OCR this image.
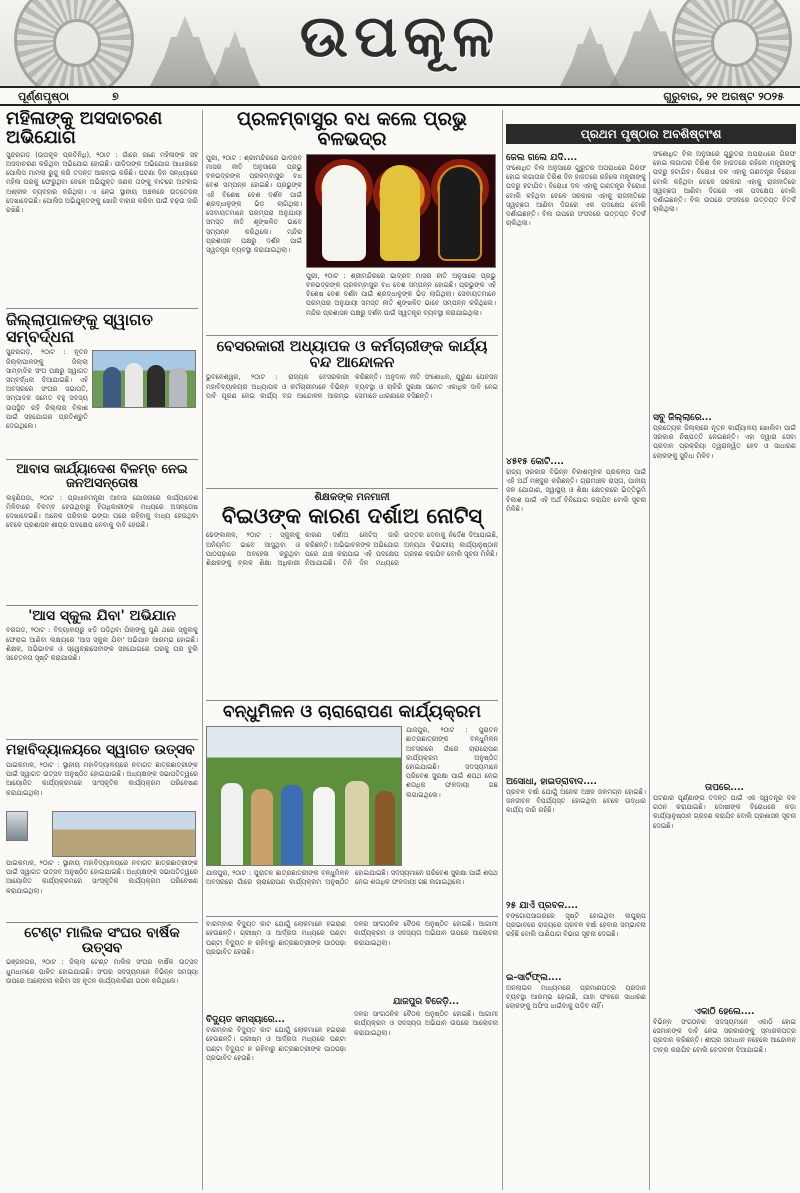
ଉପକୂଳ
ପୂର୍ଣ୍ଣପୃଷ୍ଠା	୭	ଗୁରୁବାର, ୨୧ ଅଗଷ୍ଟ ୨୦୨୫
ମହିଳାଙ୍କୁ ଅସଦାଚରଣ ଅଭିଯୋଗ
ସୁନ୍ଦରଗଡ଼ (ଉପକୂଳ ପ୍ରତିନିଧି), ୨୦ାଟ : ଗାଁରେ ଜଣେ ମହିଳାଙ୍କ ସହ ଅସଦାଚରଣ କରିଥିବା ଅଭିଯୋଗ ହୋଇଛି। ପୀଡ଼ିତାଙ୍କ ଅଭିଯୋଗ ଆଧାରରେ ପୋଲିସ ମାମଲା ରୁଜୁ କରି ତଦନ୍ତ ଆରମ୍ଭ କରିଛି। ଘଟଣା ଦିନ ସନ୍ଧ୍ୟାରେ ମହିଳା ଘରକୁ ଫେରୁଥିବା ବେଳେ ଅଭିଯୁକ୍ତ ଜଣକ ତାଙ୍କୁ ବାଟରେ ଅଟକାଇ ଅଶ୍ଳୀଳ ବ୍ୟବହାର କରିଥିଲା। ଏ ନେଇ ସ୍ଥାନୀୟ ଅଞ୍ଚଳରେ ଉତ୍ତେଜନା ଦେଖାଦେଇଛି। ପୋଲିସ ଅଭିଯୁକ୍ତଙ୍କୁ ଖୋଜି ବାହାର କରିବା ପାଇଁ ଚଢ଼ଉ ଜାରି ରଖିଛି।
ଜିଲ୍ଲାପାଳଙ୍କୁ ସ୍ୱାଗତ ସମ୍ବର୍ଦ୍ଧନା
ସୁନ୍ଦରଗଡ଼, ୨୦ାଟ : ନୂତନ ଜିଲ୍ଲାପାଳଙ୍କୁ ଜିଲ୍ଲା ସାମ୍ବାଦିକ ସଂଘ ପକ୍ଷରୁ ସ୍ୱାଗତ ସମ୍ବର୍ଦ୍ଧନା ଦିଆଯାଇଛି। ଏହି ଅବସରରେ ସଂଘର ସଭାପତି, ସମ୍ପାଦକ ସମେତ ବହୁ ସଦସ୍ୟ ଉପସ୍ଥିତ ରହି ଜିଲ୍ଲାର ବିକାଶ ପାଇଁ ସହଯୋଗର ପ୍ରତିଶ୍ରୁତି ଦେଇଥିଲେ।
ଆବାସ କାର୍ଯ୍ୟାଦେଶ ବିଳମ୍ବ ନେଇ ଜନଅସନ୍ତୋଷ
ଲହୁଣିପଡ଼ା, ୨୦ାଟ : ପ୍ରଧାନମନ୍ତ୍ରୀ ଆବାସ ଯୋଜନାରେ କାର୍ଯ୍ୟାଦେଶ ମିଳିବାରେ ବିଳମ୍ବ ହେଉଥିବାରୁ ହିତାଧିକାରୀଙ୍କ ମଧ୍ୟରେ ଅସନ୍ତୋଷ ଦେଖାଦେଇଛି। ଅନେକ ପରିବାର ଭଙ୍ଗା ଘରେ ରହିବାକୁ ବାଧ୍ୟ ହେଉଥିବା ବେଳେ ପ୍ରଶାସନ ଶୀଘ୍ର ପଦକ୍ଷେପ ନେବାକୁ ଦାବି ହେଉଛି।
'ଆସ ସ୍କୁଲ ଯିବା' ଅଭିଯାନ
ବରଗଡ଼, ୨୦ାଟ : ବିଦ୍ୟାଳୟରୁ ଝଡ଼ି ପଡ଼ିଥିବା ପିଲାଙ୍କୁ ପୁଣି ଥରେ ସ୍କୁଲକୁ ଫେରାଇ ଆଣିବା ଲକ୍ଷ୍ୟରେ 'ଆସ ସ୍କୁଲ ଯିବା' ଅଭିଯାନ ଆରମ୍ଭ ହୋଇଛି। ଶିକ୍ଷକ, ଅଭିଭାବକ ଓ ସ୍ୱେଚ୍ଛାସେବୀଙ୍କ ସହଯୋଗରେ ଘରକୁ ଘର ବୁଲି ସଚେତନତା ସୃଷ୍ଟି କରାଯାଉଛି।
ମହାବିଦ୍ୟାଳୟରେ ସ୍ୱାଗତ ଉତ୍ସବ
ପାଇକମାଳ, ୨୦ାଟ : ସ୍ଥାନୀୟ ମହାବିଦ୍ୟାଳୟରେ ନବାଗତ ଛାତ୍ରଛାତ୍ରୀଙ୍କ ପାଇଁ ସ୍ୱାଗତ ଉତ୍ସବ ଅନୁଷ୍ଠିତ ହୋଇଯାଇଛି। ଅଧ୍ୟକ୍ଷଙ୍କ ସଭାପତିତ୍ୱରେ ଆୟୋଜିତ କାର୍ଯ୍ୟକ୍ରମରେ ସାଂସ୍କୃତିକ କାର୍ଯ୍ୟକ୍ରମ ପରିବେଷଣ କରାଯାଇଥିଲା।
ପାଇକମାଳ, ୨୦ାଟ : ସ୍ଥାନୀୟ ମହାବିଦ୍ୟାଳୟରେ ନବାଗତ ଛାତ୍ରଛାତ୍ରୀଙ୍କ ପାଇଁ ସ୍ୱାଗତ ଉତ୍ସବ ଅନୁଷ୍ଠିତ ହୋଇଯାଇଛି। ଅଧ୍ୟକ୍ଷଙ୍କ ସଭାପତିତ୍ୱରେ ଆୟୋଜିତ କାର୍ଯ୍ୟକ୍ରମରେ ସାଂସ୍କୃତିକ କାର୍ଯ୍ୟକ୍ରମ ପରିବେଷଣ କରାଯାଇଥିଲା।
ଟେଣ୍ଟ ମାଲିକ ସଂଘର ବାର୍ଷିକ ଉତ୍ସବ
ଭଞ୍ଜନଗର, ୨୦ାଟ : ଜିଲ୍ଲା ଟେଣ୍ଟ ମାଲିକ ସଂଘର ବାର୍ଷିକ ଉତ୍ସବ ଧୁମଧାମରେ ପାଳିତ ହୋଇଯାଇଛି। ସଂଘର ସଦସ୍ୟମାନେ ବିଭିନ୍ନ ସମସ୍ୟା ଉପରେ ଆଲୋଚନା କରିବା ସହ ନୂତନ କାର୍ଯ୍ୟକାରିଣୀ ଗଠନ କରିଥିଲେ।
ପ୍ରଳମ୍ବାସୁର ବଧ କଲେ ପ୍ରଭୁ ବଳଭଦ୍ର
ପୁରୀ, ୨୦ାଟ : ଶ୍ରୀମନ୍ଦିରରେ ଭାଦ୍ରବ ମାସର ନୀତି ଅନୁସାରେ ପ୍ରଭୁ ବଳଭଦ୍ରଙ୍କ ପ୍ରଳମ୍ବାସୁର ବଧ ବେଶ ସମ୍ପନ୍ନ ହୋଇଛି। ପ୍ରଭୁଙ୍କ ଏହି ବିଶେଷ ବେଶ ଦର୍ଶନ ପାଇଁ ଶ୍ରଦ୍ଧାଳୁଙ୍କ ଭିଡ଼ ଲାଗିଥିଲା। ସେବାୟତମାନେ ପରମ୍ପରା ଅନୁଯାୟୀ ସମସ୍ତ ନୀତି ଶୃଙ୍ଖଳିତ ଭାବେ ସମ୍ପନ୍ନ କରିଥିଲେ। ମନ୍ଦିର ପ୍ରଶାସନ ପକ୍ଷରୁ ଦର୍ଶନ ପାଇଁ ସ୍ୱତନ୍ତ୍ର ବ୍ୟବସ୍ଥା କରାଯାଇଥିଲା।
ପୁରୀ, ୨୦ାଟ : ଶ୍ରୀମନ୍ଦିରରେ ଭାଦ୍ରବ ମାସର ନୀତି ଅନୁସାରେ ପ୍ରଭୁ ବଳଭଦ୍ରଙ୍କ ପ୍ରଳମ୍ବାସୁର ବଧ ବେଶ ସମ୍ପନ୍ନ ହୋଇଛି। ପ୍ରଭୁଙ୍କ ଏହି ବିଶେଷ ବେଶ ଦର୍ଶନ ପାଇଁ ଶ୍ରଦ୍ଧାଳୁଙ୍କ ଭିଡ଼ ଲାଗିଥିଲା। ସେବାୟତମାନେ ପରମ୍ପରା ଅନୁଯାୟୀ ସମସ୍ତ ନୀତି ଶୃଙ୍ଖଳିତ ଭାବେ ସମ୍ପନ୍ନ କରିଥିଲେ। ମନ୍ଦିର ପ୍ରଶାସନ ପକ୍ଷରୁ ଦର୍ଶନ ପାଇଁ ସ୍ୱତନ୍ତ୍ର ବ୍ୟବସ୍ଥା କରାଯାଇଥିଲା।
ବେସରକାରୀ ଅଧ୍ୟାପକ ଓ କର୍ମଚାରୀଙ୍କ କାର୍ଯ୍ୟ ବନ୍ଦ ଆନ୍ଦୋଳନ
ଭୁବନେଶ୍ୱର, ୨୦ାଟ : ରାଜ୍ୟର ବେସରକାରୀ ମହାବିଦ୍ୟାଳୟର ଅଧ୍ୟାପକ ଓ କର୍ମଚାରୀମାନେ ବିଭିନ୍ନ ଦାବି ପୂରଣ ନେଇ କାର୍ଯ୍ୟ ବନ୍ଦ ଆନ୍ଦୋଳନ ଆରମ୍ଭ କରିଛନ୍ତି। ଅନୁଦାନ ନୀତି ସଂଶୋଧନ, ପୁରୁଣା ପେନସନ ବ୍ୟବସ୍ଥା ଓ ଚାକିରି ସୁରକ୍ଷା ସମେତ ଏକାଧିକ ଦାବି ନେଇ ସେମାନେ ଧାରଣାରେ ବସିଛନ୍ତି।
ଶିକ୍ଷକଙ୍କ ମନମାନୀ
ବିଇଓଙ୍କ କାରଣ ଦର୍ଶାଅ ନୋଟିସ୍
ଢେଙ୍କାନାଳ, ୨୦ାଟ : ସ୍କୁଲକୁ ଅନିୟମିତ ଭାବେ ଆସୁଥିବା ଓ ପାଠପଢ଼ାରେ ଅବହେଳା କରୁଥିବା ଶିକ୍ଷକଙ୍କୁ ବ୍ଲକ ଶିକ୍ଷା ଅଧିକାରୀ କାରଣ ଦର୍ଶାଅ ନୋଟିସ୍ ଜାରି କରିଛନ୍ତି। ଅଭିଭାବକଙ୍କ ଅଭିଯୋଗ ପରେ ଯାଞ୍ଚ କରାଯାଇ ଏହି ପଦକ୍ଷେପ ନିଆଯାଇଛି। ତିନି ଦିନ ମଧ୍ୟରେ ଉତ୍ତର ଦେବାକୁ ନିର୍ଦ୍ଦେଶ ଦିଆଯାଇଛି, ଅନ୍ୟଥା ବିଭାଗୀୟ କାର୍ଯ୍ୟାନୁଷ୍ଠାନ ଗ୍ରହଣ କରାଯିବ ବୋଲି ସୂଚନା ମିଳିଛି।
ବନ୍ଧୁମିଳନ ଓ ଚାରାରୋପଣ କାର୍ଯ୍ୟକ୍ରମ
ଯାଜପୁର, ୨୦ାଟ : ପୁରାତନ ଛାତ୍ରଛାତ୍ରୀଙ୍କ ବନ୍ଧୁମିଳନ ଅବସରରେ ଗାଁରେ ଚାରାରୋପଣ କାର୍ଯ୍ୟକ୍ରମ ଅନୁଷ୍ଠିତ ହୋଇଯାଇଛି। ସଦସ୍ୟମାନେ ପରିବେଶ ସୁରକ୍ଷା ପାଇଁ ଶପଥ ନେଇ ଶତାଧିକ ଫଳଦାୟୀ ଗଛ ଲଗାଇଥିଲେ।
ଯାଜପୁର, ୨୦ାଟ : ପୁରାତନ ଛାତ୍ରଛାତ୍ରୀଙ୍କ ବନ୍ଧୁମିଳନ ଅବସରରେ ଗାଁରେ ଚାରାରୋପଣ କାର୍ଯ୍ୟକ୍ରମ ଅନୁଷ୍ଠିତ ହୋଇଯାଇଛି। ସଦସ୍ୟମାନେ ପରିବେଶ ସୁରକ୍ଷା ପାଇଁ ଶପଥ ନେଇ ଶତାଧିକ ଫଳଦାୟୀ ଗଛ ଲଗାଇଥିଲେ।
ବାରମ୍ବାର ବିଦ୍ୟୁତ କାଟ ଯୋଗୁଁ ଲୋକମାନେ ହଇରାଣ ହେଉଛନ୍ତି। ଗ୍ରୀଷ୍ମ ଓ ଆର୍ଦ୍ରତା ମଧ୍ୟରେ ଘଣ୍ଟା ଘଣ୍ଟା ବିଦ୍ୟୁତ ନ ରହିବାରୁ ଛାତ୍ରଛାତ୍ରୀଙ୍କ ପାଠପଢ଼ା ପ୍ରଭାବିତ ହେଉଛି।
ବିଦ୍ୟୁତ ସମସ୍ୟାରେ...
ବାରମ୍ବାର ବିଦ୍ୟୁତ କାଟ ଯୋଗୁଁ ଲୋକମାନେ ହଇରାଣ ହେଉଛନ୍ତି। ଗ୍ରୀଷ୍ମ ଓ ଆର୍ଦ୍ରତା ମଧ୍ୟରେ ଘଣ୍ଟା ଘଣ୍ଟା ବିଦ୍ୟୁତ ନ ରହିବାରୁ ଛାତ୍ରଛାତ୍ରୀଙ୍କ ପାଠପଢ଼ା ପ୍ରଭାବିତ ହେଉଛି।
ଦଳର ସାଂଗଠନିକ ବୈଠକ ଅନୁଷ୍ଠିତ ହୋଇଛି। ଆଗାମୀ କାର୍ଯ୍ୟକ୍ରମ ଓ ସଦସ୍ୟତା ଅଭିଯାନ ଉପରେ ଆଲୋଚନା କରାଯାଇଥିଲା।
ଯାଜପୁର ବିଜେଡ଼ି...
ଦଳର ସାଂଗଠନିକ ବୈଠକ ଅନୁଷ୍ଠିତ ହୋଇଛି। ଆଗାମୀ କାର୍ଯ୍ୟକ୍ରମ ଓ ସଦସ୍ୟତା ଅଭିଯାନ ଉପରେ ଆଲୋଚନା କରାଯାଇଥିଲା।
ପ୍ରଥମ ପୃଷ୍ଠାର ଅବଶିଷ୍ଟାଂଶ
ଜେଲ ଗଲେ ଯଦି....
ସଂଶୋଧିତ ବିଲ ଅନୁସାରେ ଗୁରୁତର ଅପରାଧରେ ଗିରଫ ହୋଇ ଲଗାତାର ତିରିଶ ଦିନ ହାଜତରେ ରହିଲେ ମନ୍ତ୍ରୀଙ୍କୁ ପଦରୁ ହଟାଯିବ। ବିରୋଧୀ ଦଳ ଏହାକୁ ଗଣତନ୍ତ୍ର ବିରୋଧୀ ବୋଲି କହିଥିବା ବେଳେ ସରକାର ଏହାକୁ ରାଜନୀତିରେ ସ୍ୱଚ୍ଛତା ଆଣିବା ଦିଗରେ ଏକ ପଦକ୍ଷେପ ବୋଲି ଦର୍ଶାଇଛନ୍ତି। ବିଲ ଉପରେ ସଂସଦରେ ଉତ୍ତପ୍ତ ବିତର୍କ ଚାଲିଥିଲା।
୪୫୧୫ କୋଟି....
ରାଜ୍ୟ ସରକାର ବିଭିନ୍ନ ବିକାଶମୂଳକ ପ୍ରକଳ୍ପ ପାଇଁ ଏହି ଅର୍ଥ ମଞ୍ଜୁର କରିଛନ୍ତି। ଗ୍ରାମାଞ୍ଚଳ ରାସ୍ତା, ପାନୀୟ ଜଳ ଯୋଗାଣ, ସ୍ୱାସ୍ଥ୍ୟ ଓ ଶିକ୍ଷା କ୍ଷେତ୍ରରେ ଭିତ୍ତିଭୂମି ବିକାଶ ପାଇଁ ଏହି ଅର୍ଥ ବିନିଯୋଗ କରାଯିବ ବୋଲି ସୂଚନା ମିଳିଛି।
ଅସୋଧା, ହାଇଡ୍ରାବାଦ....
ପ୍ରବଳ ବର୍ଷା ଯୋଗୁଁ ଅନେକ ଅଞ୍ଚଳ ଜଳମଗ୍ନ ହୋଇଛି। ଜନଜୀବନ ବିପର୍ଯ୍ୟସ୍ତ ହୋଇଥିବା ବେଳେ ଉଦ୍ଧାର କାର୍ଯ୍ୟ ଜାରି ରହିଛି।
୨୫ ଯାଏଁ ପ୍ରବଳ....
ବଙ୍ଗୋପସାଗରରେ ସୃଷ୍ଟି ହୋଇଥିବା ଲଘୁଚାପ ପ୍ରଭାବରେ ରାଜ୍ୟରେ ପ୍ରବଳ ବର୍ଷା ହେବାର ସମ୍ଭାବନା ରହିଛି ବୋଲି ପାଣିପାଗ ବିଭାଗ ସୂଚନା ଦେଇଛି।
ଇ-ସାର୍ଟିଫ୍ଲ....
ଅନଲାଇନ ମାଧ୍ୟମରେ ପ୍ରମାଣପତ୍ର ପ୍ରଦାନ ବ୍ୟବସ୍ଥା ଆରମ୍ଭ ହୋଇଛି, ଯାହା ଫଳରେ ସାଧାରଣ ଲୋକଙ୍କୁ ଅଫିସ ଧାଇଁବାକୁ ପଡ଼ିବ ନାହିଁ।
ସଂଶୋଧିତ ବିଲ ଅନୁସାରେ ଗୁରୁତର ଅପରାଧରେ ଗିରଫ ହୋଇ ଲଗାତାର ତିରିଶ ଦିନ ହାଜତରେ ରହିଲେ ମନ୍ତ୍ରୀଙ୍କୁ ପଦରୁ ହଟାଯିବ। ବିରୋଧୀ ଦଳ ଏହାକୁ ଗଣତନ୍ତ୍ର ବିରୋଧୀ ବୋଲି କହିଥିବା ବେଳେ ସରକାର ଏହାକୁ ରାଜନୀତିରେ ସ୍ୱଚ୍ଛତା ଆଣିବା ଦିଗରେ ଏକ ପଦକ୍ଷେପ ବୋଲି ଦର୍ଶାଇଛନ୍ତି। ବିଲ ଉପରେ ସଂସଦରେ ଉତ୍ତପ୍ତ ବିତର୍କ ଚାଲିଥିଲା।
ସବୁ ଜିଲ୍ଲାରେ...
ପ୍ରତ୍ୟେକ ଜିଲ୍ଲାରେ ନୂତନ କାର୍ଯ୍ୟାଳୟ ଖୋଲିବା ପାଇଁ ସରକାର ନିଷ୍ପତ୍ତି ନେଇଛନ୍ତି। ଏହା ଦ୍ୱାରା ସେବା ପ୍ରଦାନ ପ୍ରକ୍ରିୟା ତ୍ୱରାନ୍ୱିତ ହେବ ଓ ସାଧାରଣ ଲୋକଙ୍କୁ ସୁବିଧା ମିଳିବ।
ତାପରେ....
ଘଟଣାର ପୂର୍ଣ୍ଣାଙ୍ଗ ତଦନ୍ତ ପାଇଁ ଏକ ସ୍ୱତନ୍ତ୍ର ଦଳ ଗଠନ କରାଯାଇଛି। ଦୋଷୀଙ୍କ ବିରୋଧରେ କଡ଼ା କାର୍ଯ୍ୟାନୁଷ୍ଠାନ ଗ୍ରହଣ କରାଯିବ ବୋଲି ପ୍ରଶାସନ ସୂଚନା ଦେଇଛି।
ଏକାଠି ହେଲେ....
ବିଭିନ୍ନ ସଂଗଠନର ସଦସ୍ୟମାନେ ଏକାଠି ହୋଇ ସେମାନଙ୍କ ଦାବି ନେଇ ସରକାରଙ୍କୁ ସ୍ମାରକପତ୍ର ପ୍ରଦାନ କରିଛନ୍ତି। ଶୀଘ୍ର ସମାଧାନ ନହେଲେ ଆନ୍ଦୋଳନ ତୀବ୍ର କରାଯିବ ବୋଲି ଚେତାବନୀ ଦିଆଯାଇଛି।
